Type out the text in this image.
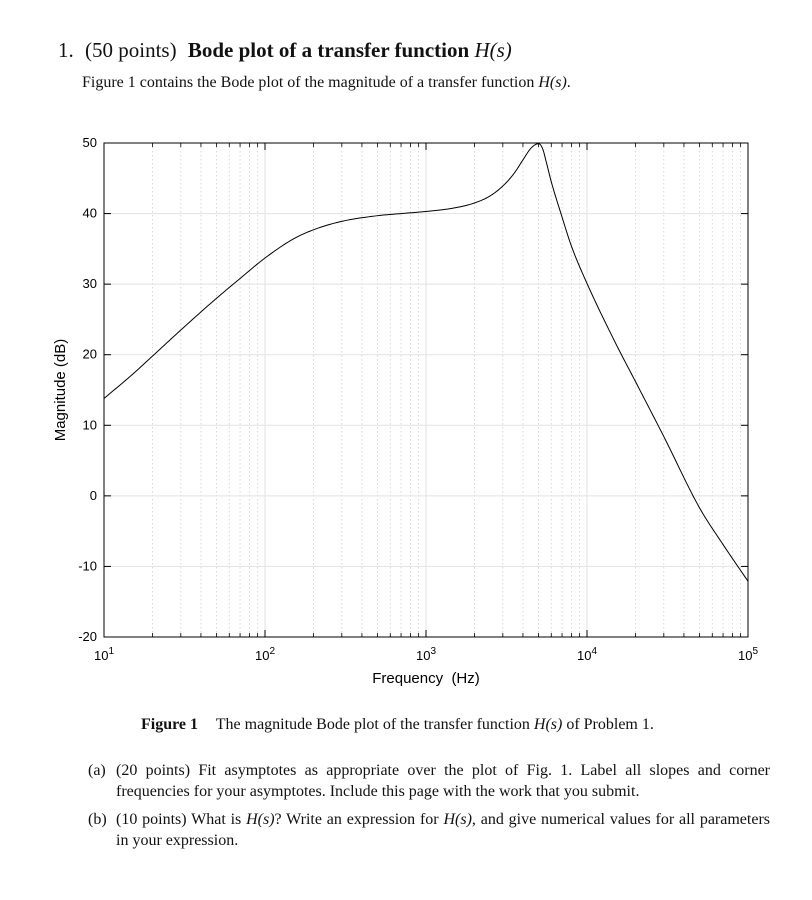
1. (50 points) Bode plot of a transfer function H(s)
Figure 1 contains the Bode plot of the magnitude of a transfer function H(s).
50
40
30
20
10
0
-10
-20
$10^1$	$10^2$	$10^3$	$10^4$	$10^5$
Frequency  (Hz)
Magnitude (dB)
Figure 1 The magnitude Bode plot of the transfer function H(s) of Problem 1.
(a) (20 points) Fit asymptotes as appropriate over the plot of Fig. 1. Label all slopes and corner frequencies for your asymptotes. Include this page with the work that you submit.
(b) (10 points) What is H(s)? Write an expression for H(s), and give numerical values for all parameters in your expression.
